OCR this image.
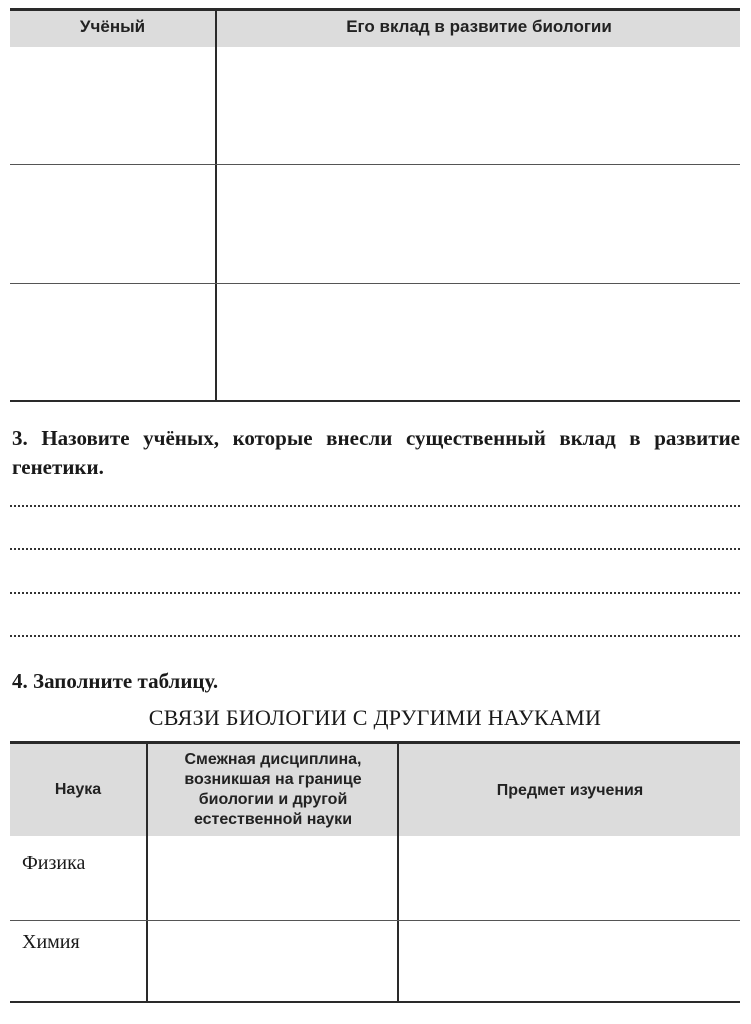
Учёный	Его вклад в развитие биологии
3. Назовите учёных, которые внесли существенный вклад в развитие генетики.
4. Заполните таблицу.
СВЯЗИ БИОЛОГИИ С ДРУГИМИ НАУКАМИ
Наука
Смежная дисциплина, возникшая на границе биологии и другой естественной науки
Предмет изучения
Физика
Химия
